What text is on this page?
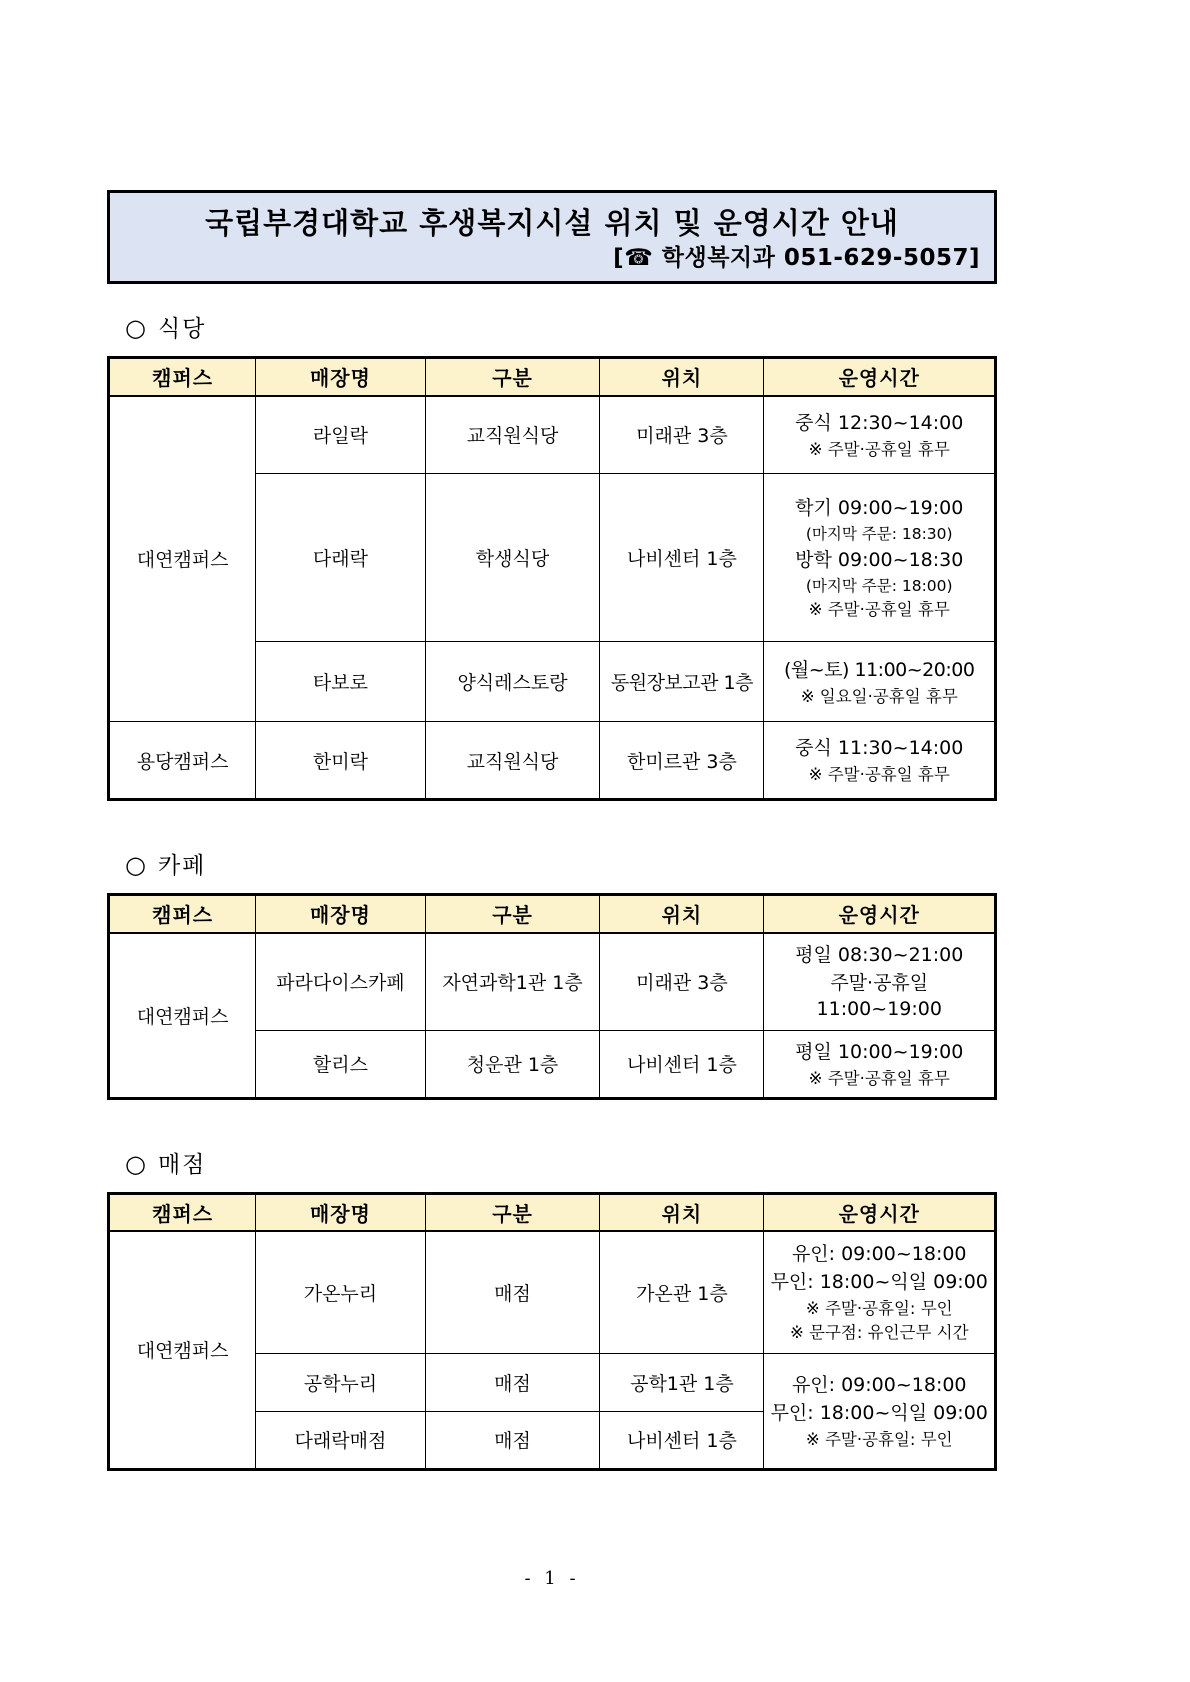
국립부경대학교 후생복지시설 위치 및 운영시간 안내
[☎ 학생복지과 051-629-5057]
○ 식당
캠퍼스	매장명	구분	위치	운영시간
대연캠퍼스	라일락	교직원식당	미래관 3층	중식 12:30~14:00
※ 주말·공휴일 휴무

	다래락	학생식당	나비센터 1층	학기 09:00~19:00
(마지막 주문: 18:30)
방학 09:00~18:30
(마지막 주문: 18:00)
※ 주말·공휴일 휴무

	타보로	양식레스토랑	동원장보고관 1층	(월~토) 11:00~20:00
※ 일요일·공휴일 휴무

용당캠퍼스	한미락	교직원식당	한미르관 3층	중식 11:30~14:00
※ 주말·공휴일 휴무
○ 카페
캠퍼스	매장명	구분	위치	운영시간
대연캠퍼스	파라다이스카페	자연과학1관 1층	미래관 3층	평일 08:30~21:00
주말·공휴일 11:00~19:00

	할리스	청운관 1층	나비센터 1층	평일 10:00~19:00
※ 주말·공휴일 휴무
○ 매점
캠퍼스	매장명	구분	위치	운영시간
대연캠퍼스	가온누리	매점	가온관 1층	유인: 09:00~18:00
무인: 18:00~익일 09:00
※ 주말·공휴일: 무인
※ 문구점: 유인근무 시간

	공학누리	매점	공학1관 1층	유인: 09:00~18:00
무인: 18:00~익일 09:00
※ 주말·공휴일: 무인

	다래락매점	매점	나비센터 1층	
- 1 -
